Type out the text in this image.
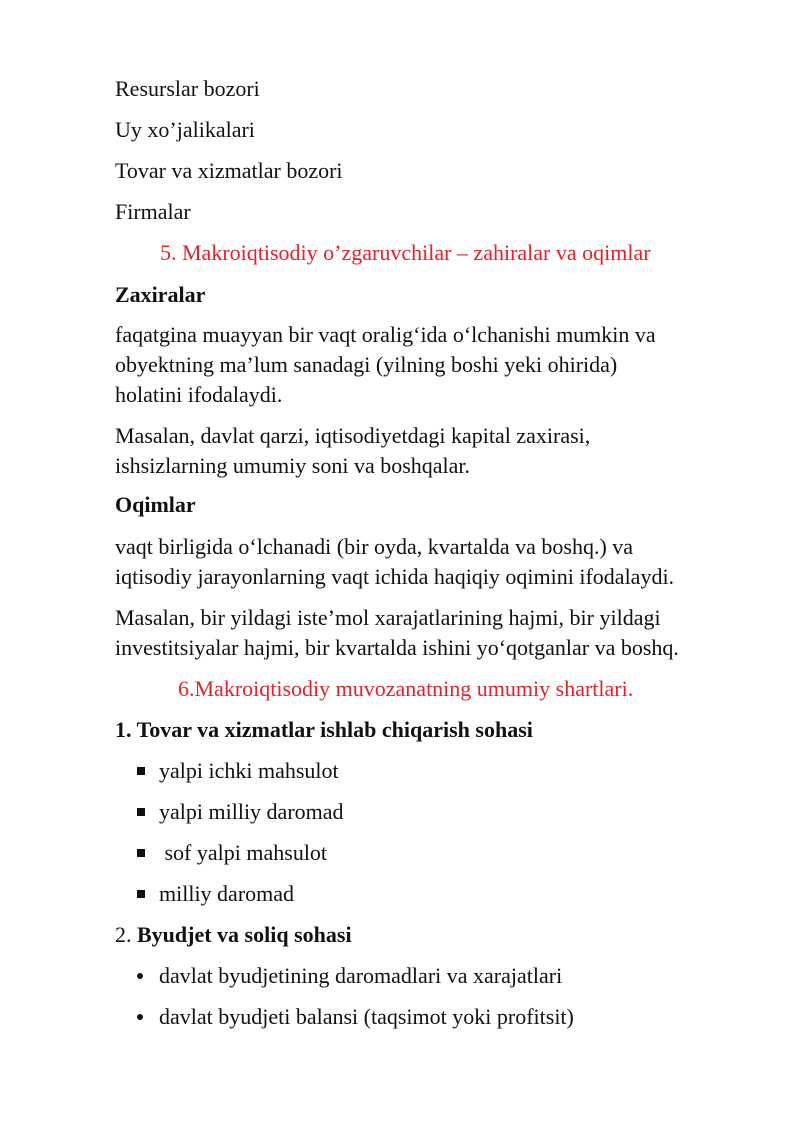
Resurslar bozori
Uy xo’jalikalari
Tovar va xizmatlar bozori
Firmalar
5. Makroiqtisodiy o’zgaruvchilar – zahiralar va oqimlar
Zaxiralar
faqatgina muayyan bir vaqt oralig‘ida o‘lchanishi mumkin va
obyektning ma’lum sanadagi (yilning boshi yeki ohirida)
holatini ifodalaydi.
Masalan, davlat qarzi, iqtisodiyetdagi kapital zaxirasi,
ishsizlarning umumiy soni va boshqalar.
Oqimlar
vaqt birligida o‘lchanadi (bir oyda, kvartalda va boshq.) va
iqtisodiy jarayonlarning vaqt ichida haqiqiy oqimini ifodalaydi.
Masalan, bir yildagi iste’mol xarajatlarining hajmi, bir yildagi
investitsiyalar hajmi, bir kvartalda ishini yo‘qotganlar va boshq.
6.Makroiqtisodiy muvozanatning umumiy shartlari.
1. Tovar va xizmatlar ishlab chiqarish sohasi
yalpi ichki mahsulot
yalpi milliy daromad
sof yalpi mahsulot
milliy daromad
2. Byudjet va soliq sohasi
davlat byudjetining daromadlari va xarajatlari
davlat byudjeti balansi (taqsimot yoki profitsit)
